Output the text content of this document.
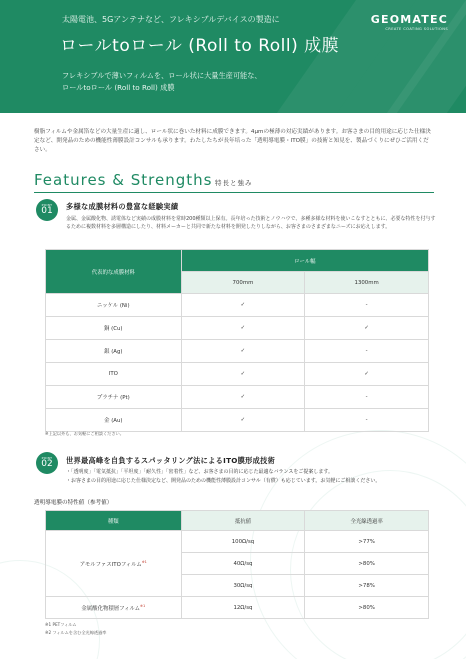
太陽電池、5Gアンテナなど、フレキシブルデバイスの製造に
ロールtoロール (Roll to Roll) 成膜
フレキシブルで薄いフィルムを、ロール状に大量生産可能な、
ロールtoロール (Roll to Roll) 成膜
GEOMATEC
CREATE COATING SOLUTIONS
樹脂フィルムや金属箔などの大量生産に適し、ロール状に巻いた材料に成膜できます。4µmの極薄の対応実績があります。お客さまの目的用途に応じた仕様決定など、開発品のための機能性薄膜設計コンサルも承ります。わたしたちが長年培った「透明導電膜・ITO膜」の技術と知見を、製品づくりにぜひご活用ください。
Features & Strengths 特長と強み
POINT
01	多様な成膜材料の豊富な経験実績
金属、金属酸化物、誘電体など実績の成膜材料を常時200種類以上保有。長年培った技術とノウハウで、多種多様な材料を使いこなすとともに、必要な特性を付与するために複数材料を多層構造にしたり、材料メーカーと共同で新たな材料を開発したりしながら、お客さまのさまざまなニーズにお応えします。
代表的な成膜材料	ロール幅	
	700mm	1300mm
ニッケル (Ni)	✓	-
銅 (Cu)	✓	✓
銀 (Ag)	✓	-
ITO	✓	✓
プラチナ (Pt)	✓	-
金 (Au)	✓	-
※上記以外も、お気軽にご相談ください。
POINT
02	世界最高峰を自負するスパッタリング法によるITO膜形成技術
・「透明度」「電気抵抗」「平坦度」「耐久性」「密着性」など、お客さまの目的に応じた最適なバランスをご提案します。
・お客さまの目的用途に応じた仕様決定など、開発品のための機能性薄膜設計コンサル（有償）も応じています。お気軽にご相談ください。
透明導電膜の特性値（参考値）
種類	抵抗値	全光線透過率
アモルファスITOフィルム$^{※1}$	100Ω/sq	>77%
	40Ω/sq	>80%
	30Ω/sq	>78%
金属酸化物積層フィルム$^{※1}$	12Ω/sq	>80%
※1 PETフィルム
※2 フィルムを含む全光線透過率
